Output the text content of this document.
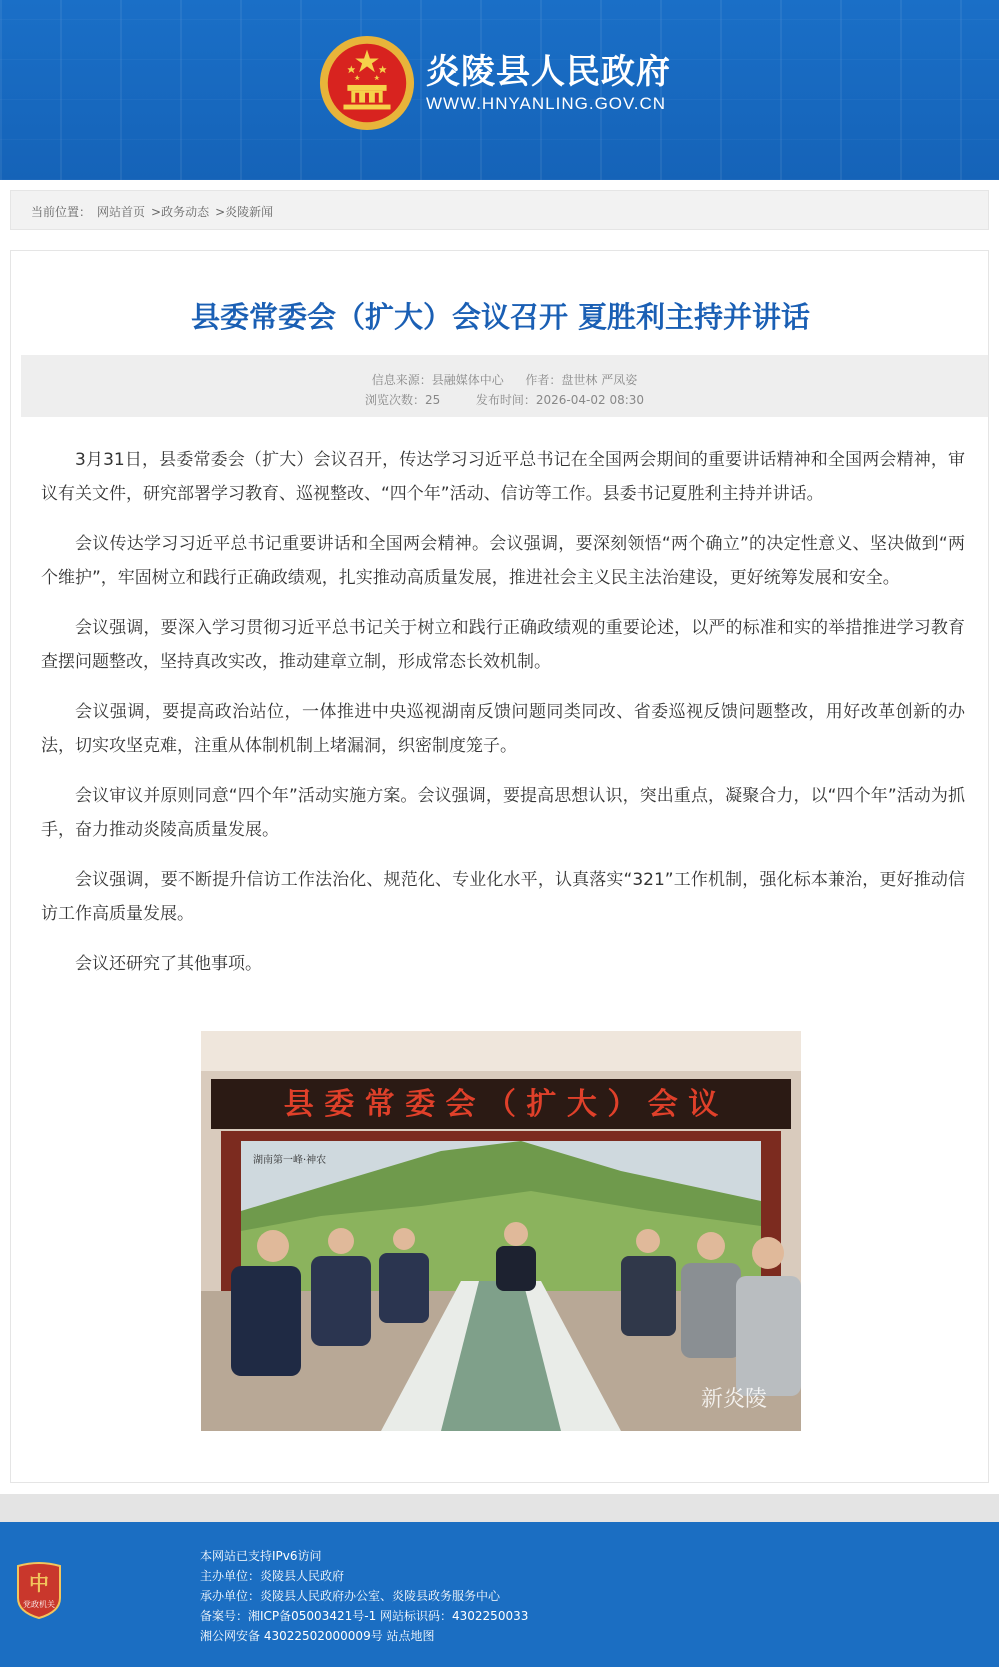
炎陵县人民政府
WWW.HNYANLING.GOV.CN
当前位置： 网站首页 >政务动态 >炎陵新闻
县委常委会（扩大）会议召开 夏胜利主持并讲话
信息来源：县融媒体中心 作者：盘世林 严凤姿
浏览次数：25	发布时间：2026-04-02 08:30

3月31日，县委常委会（扩大）会议召开，传达学习习近平总书记在全国两会期间的重要讲话精神和全国两会精神，审议有关文件，研究部署学习教育、巡视整改、“四个年”活动、信访等工作。县委书记夏胜利主持并讲话。

会议传达学习习近平总书记重要讲话和全国两会精神。会议强调，要深刻领悟“两个确立”的决定性意义、坚决做到“两个维护”，牢固树立和践行正确政绩观，扎实推动高质量发展，推进社会主义民主法治建设，更好统筹发展和安全。

会议强调，要深入学习贯彻习近平总书记关于树立和践行正确政绩观的重要论述，以严的标准和实的举措推进学习教育查摆问题整改，坚持真改实改，推动建章立制，形成常态长效机制。

会议强调，要提高政治站位，一体推进中央巡视湖南反馈问题同类同改、省委巡视反馈问题整改，用好改革创新的办法，切实攻坚克难，注重从体制机制上堵漏洞，织密制度笼子。

会议审议并原则同意“四个年”活动实施方案。会议强调，要提高思想认识，突出重点，凝聚合力，以“四个年”活动为抓手，奋力推动炎陵高质量发展。

会议强调，要不断提升信访工作法治化、规范化、专业化水平，认真落实“321”工作机制，强化标本兼治，更好推动信访工作高质量发展。

会议还研究了其他事项。

县 委 常 委 会 （ 扩 大 ） 会 议
湖南第一峰·神农
新炎陵
中
党政机关
本网站已支持IPv6访问
主办单位：炎陵县人民政府
承办单位：炎陵县人民政府办公室、炎陵县政务服务中心
备案号：湘ICP备05003421号-1 网站标识码：4302250033
湘公网安备 43022502000009号 站点地图
